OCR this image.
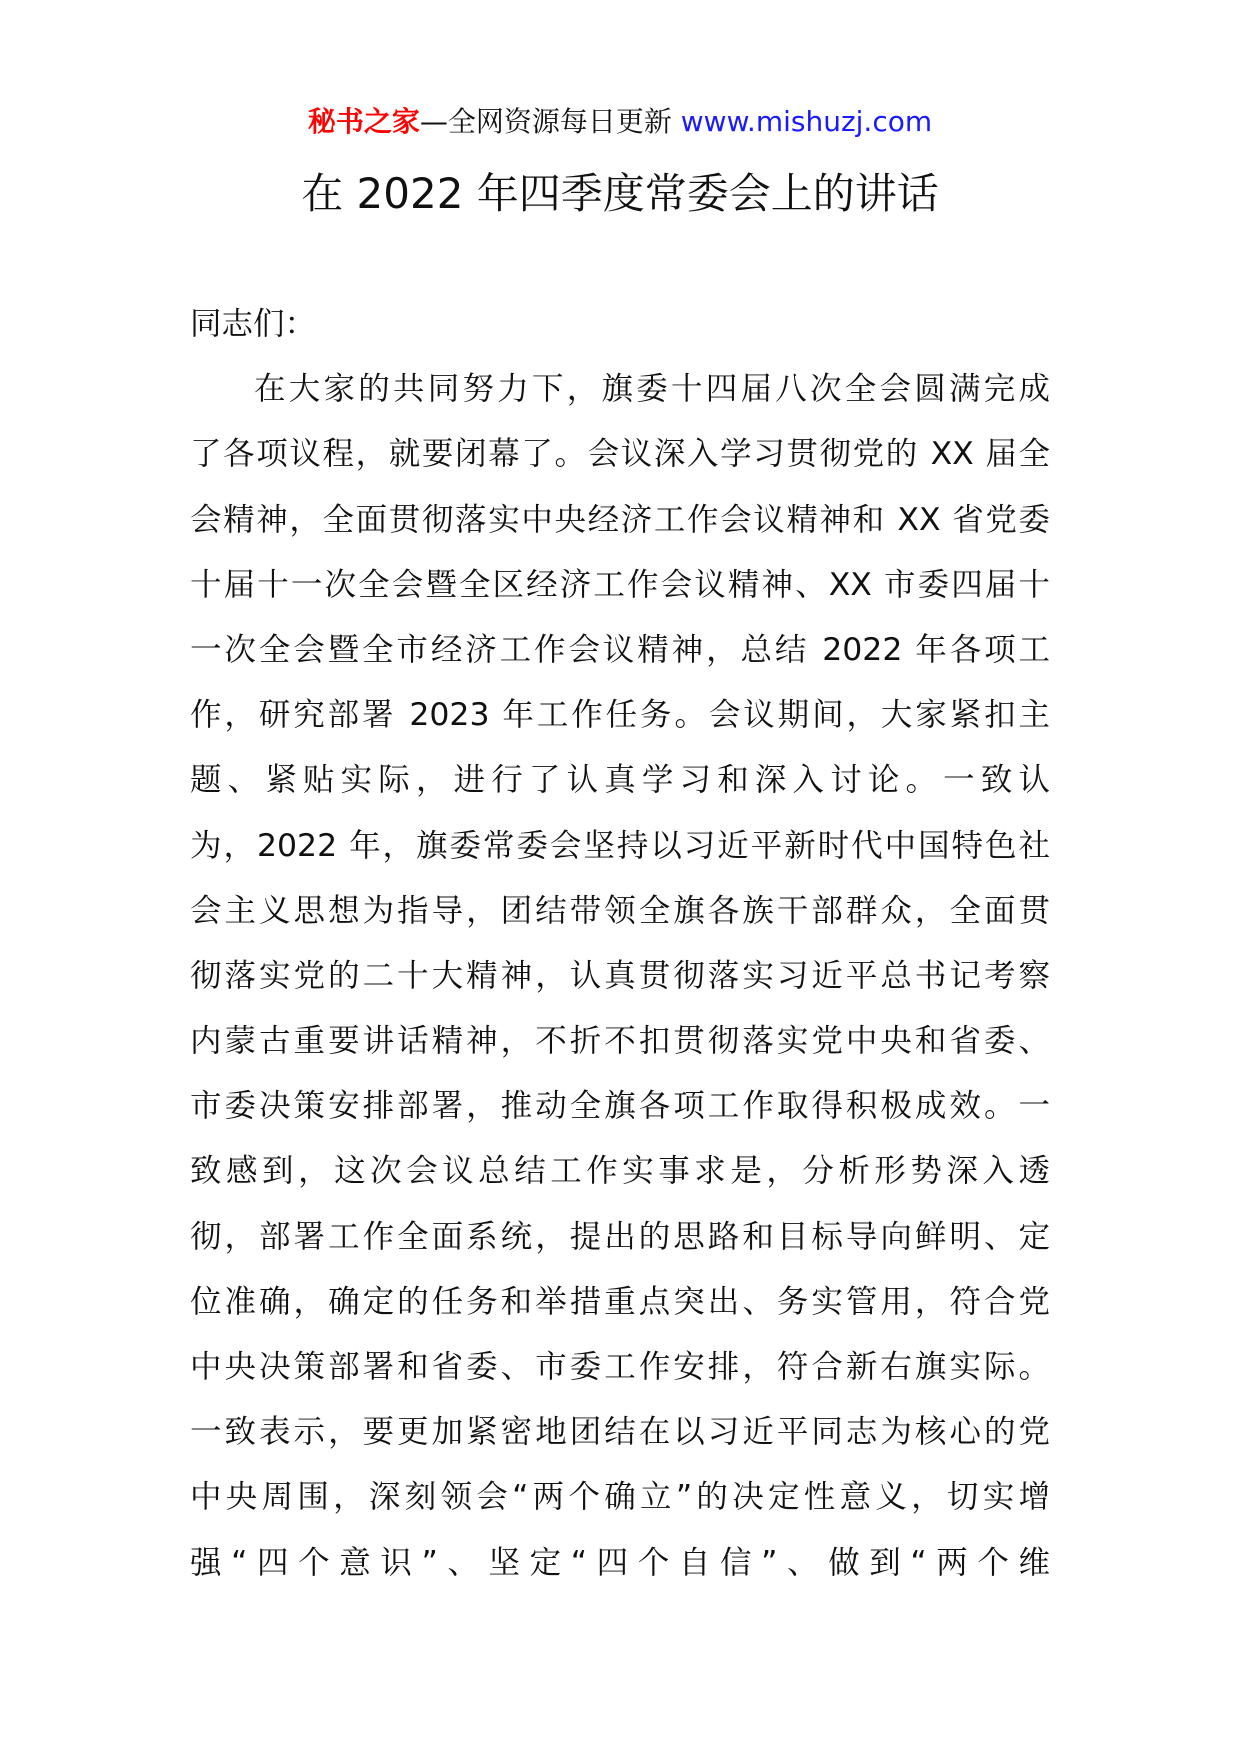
秘书之家—全网资源每日更新 www.mishuzj.com
在 2022 年四季度常委会上的讲话
同志们：
在大家的共同努力下，旗委十四届八次全会圆满完成
了各项议程，就要闭幕了。会议深入学习贯彻党的 XX 届全
会精神，全面贯彻落实中央经济工作会议精神和 XX 省党委
十届十一次全会暨全区经济工作会议精神、XX 市委四届十
一次全会暨全市经济工作会议精神，总结 2022 年各项工
作，研究部署 2023 年工作任务。会议期间，大家紧扣主
题、紧贴实际，进行了认真学习和深入讨论。一致认
为，2022 年，旗委常委会坚持以习近平新时代中国特色社
会主义思想为指导，团结带领全旗各族干部群众，全面贯
彻落实党的二十大精神，认真贯彻落实习近平总书记考察
内蒙古重要讲话精神，不折不扣贯彻落实党中央和省委、
市委决策安排部署，推动全旗各项工作取得积极成效。一
致感到，这次会议总结工作实事求是，分析形势深入透
彻，部署工作全面系统，提出的思路和目标导向鲜明、定
位准确，确定的任务和举措重点突出、务实管用，符合党
中央决策部署和省委、市委工作安排，符合新右旗实际。
一致表示，要更加紧密地团结在以习近平同志为核心的党
中央周围，深刻领会“两个确立”的决定性意义，切实增
强“四个意识”、坚定“四个自信”、做到“两个维
